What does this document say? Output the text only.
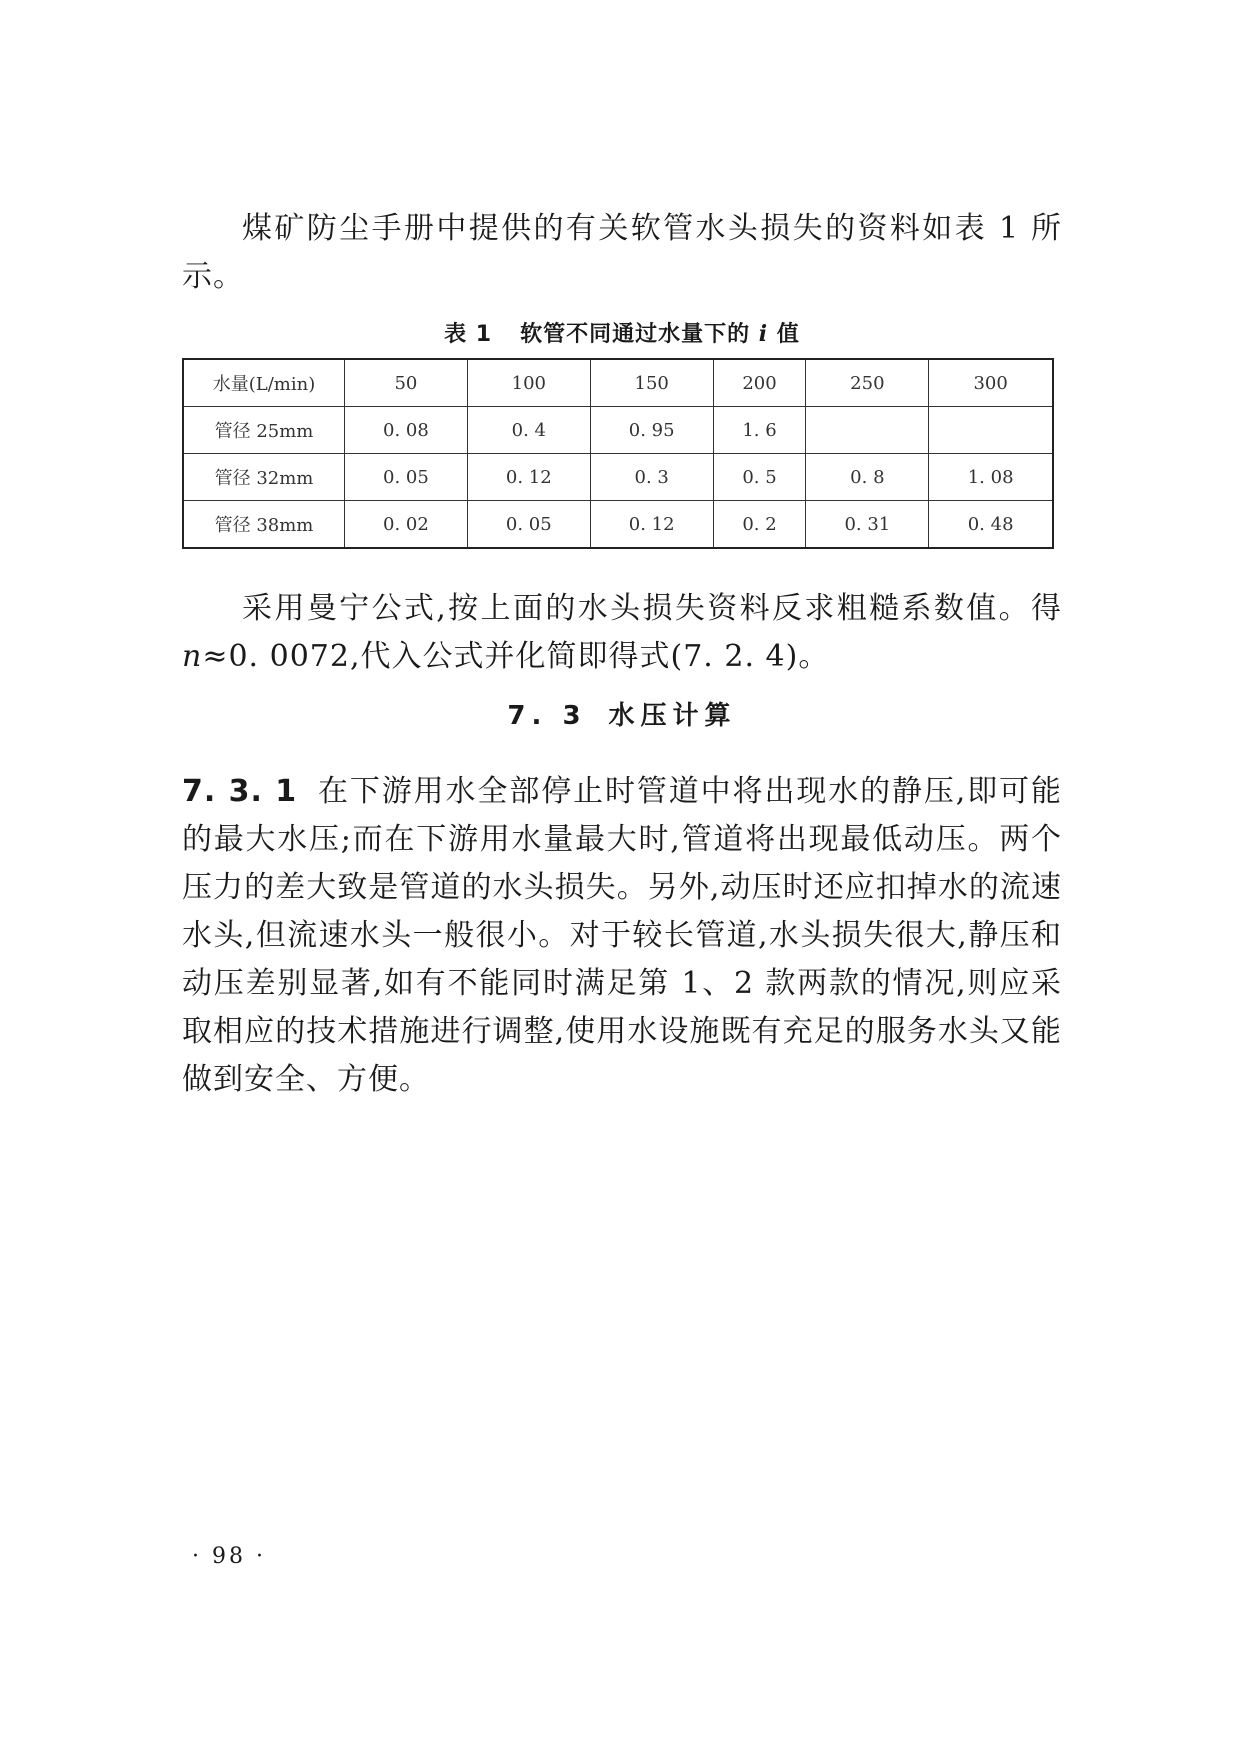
煤矿防尘手册中提供的有关软管水头损失的资料如表 1 所示。

表 1 软管不同通过水量下的 i 值
水量(L/min)	50	100	150	200	250	300
管径 25mm	0. 08	0. 4	0. 95	1. 6		
管径 32mm	0. 05	0. 12	0. 3	0. 5	0. 8	1. 08
管径 38mm	0. 02	0. 05	0. 12	0. 2	0. 31	0. 48

采用曼宁公式,按上面的水头损失资料反求粗糙系数值。得n≈0. 0072,代入公式并化简即得式(7. 2. 4)。

7. 3 水压计算

7. 3. 1 在下游用水全部停止时管道中将出现水的静压,即可能的最大水压;而在下游用水量最大时,管道将出现最低动压。两个压力的差大致是管道的水头损失。另外,动压时还应扣掉水的流速水头,但流速水头一般很小。对于较长管道,水头损失很大,静压和动压差别显著,如有不能同时满足第 1、2 款两款的情况,则应采取相应的技术措施进行调整,使用水设施既有充足的服务水头又能做到安全、方便。

· 98 ·
